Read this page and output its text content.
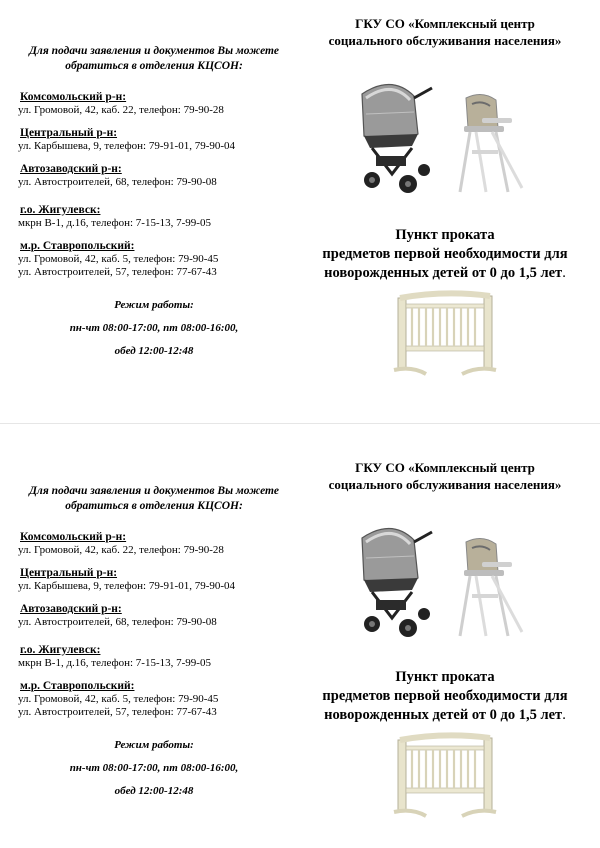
Для подачи заявления и документов Вы можете
обратиться в отделения КЦСОН:
Комсомольский р-н:
ул. Громовой, 42, каб. 22, телефон: 79-90-28
Центральный р-н:
ул. Карбышева, 9, телефон: 79-91-01, 79-90-04
Автозаводский р-н:
ул. Автостроителей, 68, телефон: 79-90-08
г.о. Жигулевск:
мкрн В-1, д.16, телефон: 7-15-13, 7-99-05
м.р. Ставропольский:
ул. Громовой, 42, каб. 5, телефон: 79-90-45
ул. Автостроителей, 57, телефон: 77-67-43
Режим работы:
пн-чт 08:00-17:00, пт 08:00-16:00,
обед 12:00-12:48
ГКУ СО «Комплексный центр
социального обслуживания населения»
Пункт проката
предметов первой необходимости для
новорожденных детей от 0 до 1,5 лет.
Для подачи заявления и документов Вы можете
обратиться в отделения КЦСОН:
Комсомольский р-н:
ул. Громовой, 42, каб. 22, телефон: 79-90-28
Центральный р-н:
ул. Карбышева, 9, телефон: 79-91-01, 79-90-04
Автозаводский р-н:
ул. Автостроителей, 68, телефон: 79-90-08
г.о. Жигулевск:
мкрн В-1, д.16, телефон: 7-15-13, 7-99-05
м.р. Ставропольский:
ул. Громовой, 42, каб. 5, телефон: 79-90-45
ул. Автостроителей, 57, телефон: 77-67-43
Режим работы:
пн-чт 08:00-17:00, пт 08:00-16:00,
обед 12:00-12:48
ГКУ СО «Комплексный центр
социального обслуживания населения»
Пункт проката
предметов первой необходимости для
новорожденных детей от 0 до 1,5 лет.
